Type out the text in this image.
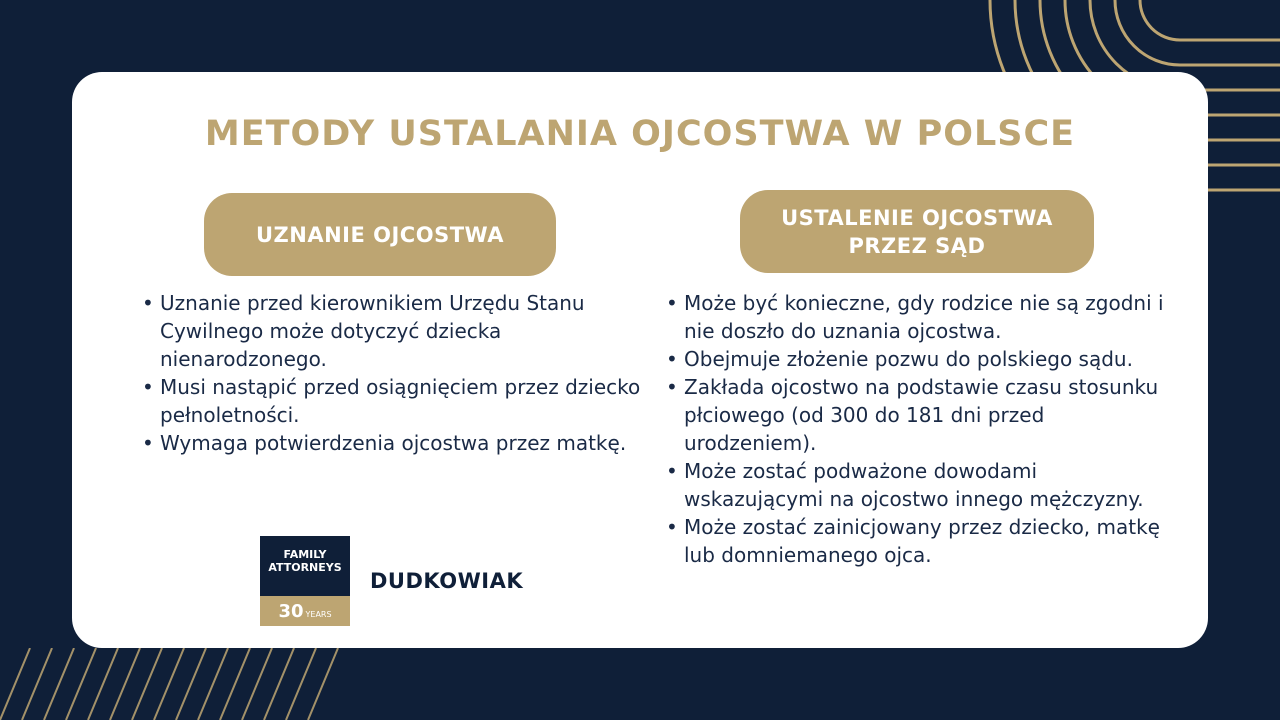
METODY USTALANIA OJCOSTWA W POLSCE
UZNANIE OJCOSTWA
USTALENIE OJCOSTWA
PRZEZ SĄD
• Uznanie przed kierownikiem Urzędu Stanu Cywilnego może dotyczyć dziecka nienarodzonego.
• Musi nastąpić przed osiągnięciem przez dziecko pełnoletności.
• Wymaga potwierdzenia ojcostwa przez matkę.
• Może być konieczne, gdy rodzice nie są zgodni i nie doszło do uznania ojcostwa.
• Obejmuje złożenie pozwu do polskiego sądu.
• Zakłada ojcostwo na podstawie czasu stosunku płciowego (od 300 do 181 dni przed urodzeniem).
• Może zostać podważone dowodami wskazującymi na ojcostwo innego mężczyzny.
• Może zostać zainicjowany przez dziecko, matkę lub domniemanego ojca.
FAMILY
ATTORNEYS
30 YEARS
DUDKOWIAK
